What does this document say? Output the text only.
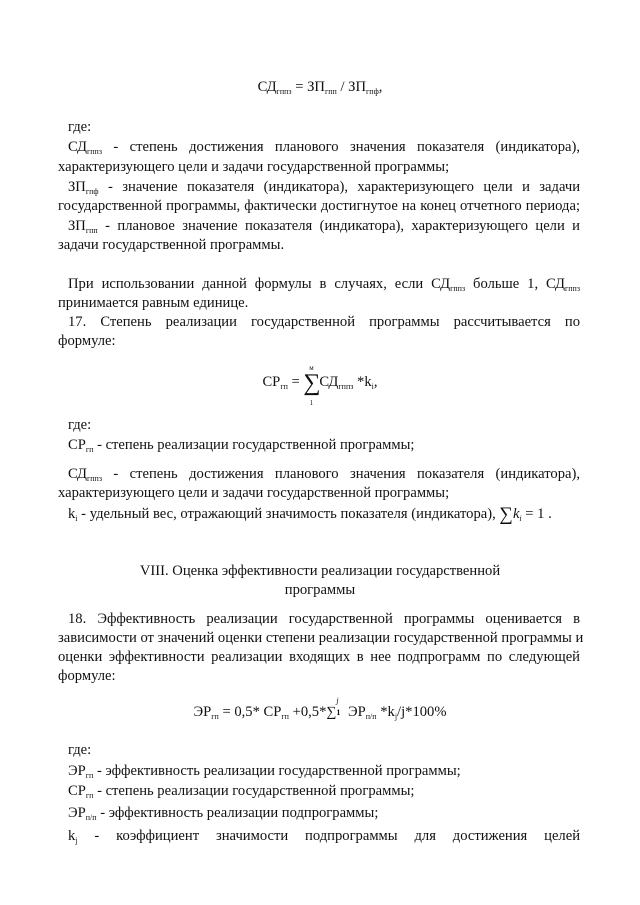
$СД_{гппз} = ЗП_{гпп} / ЗП_{гпф}$,
где:
$СД_{гппз}$ - степень достижения планового значения показателя (индикатора),
характеризующего цели и задачи государственной программы;
$ЗП_{гпф}$ - значение показателя (индикатора), характеризующего цели и задачи
государственной программы, фактически достигнутое на конец отчетного периода;
$ЗП_{гпп}$ - плановое значение показателя (индикатора), характеризующего цели и
задачи государственной программы.
При использовании данной формулы в случаях, если $СД_{гппз}$ больше 1, $СД_{гппз}$
принимается равным единице.
17. Степень реализации государственной программы рассчитывается по
формуле:
$СР_{гп}$ =
м
∑
1
$СД_{гппз}$ $*k_i$,
где:
$СР_{гп}$ - степень реализации государственной программы;
$СД_{гппз}$ - степень достижения планового значения показателя (индикатора),
характеризующего цели и задачи государственной программы;
$k_i$ - удельный вес, отражающий значимость показателя (индикатора), $\sum k_i = 1$ .
VIII. Оценка эффективности реализации государственной
программы
18. Эффективность реализации государственной программы оценивается в
зависимости от значений оценки степени реализации государственной программы и
оценки эффективности реализации входящих в нее подпрограмм по следующей
формуле:
$ЭР_{гп} = 0,5*$ $СР_{гп} +0,5*\sum$
j
1 $ЭР_{п/п}$ $*k_j/j*100\%$
где:
$ЭР_{гп}$ - эффективность реализации государственной программы;
$СР_{гп}$ - степень реализации государственной программы;
$ЭР_{п/п}$ - эффективность реализации подпрограммы;
$k_j$ - коэффициент значимости подпрограммы для достижения целей
